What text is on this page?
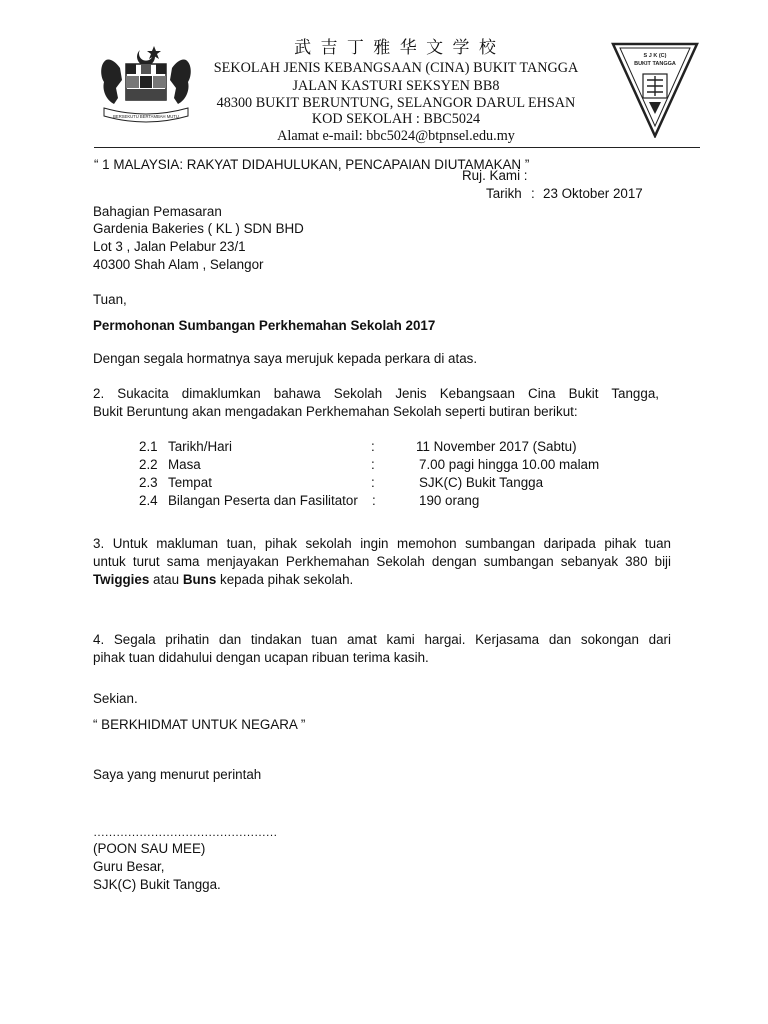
BERSEKUTU BERTAMBAH MUTU
武 吉 丁 雅 华 文 学 校
SEKOLAH JENIS KEBANGSAAN (CINA) BUKIT TANGGA
JALAN KASTURI SEKSYEN BB8
48300 BUKIT BERUNTUNG, SELANGOR DARUL EHSAN
KOD SEKOLAH : BBC5024
Alamat e-mail: bbc5024@btpnsel.edu.my
S J K (C)
BUKIT TANGGA
“ 1 MALAYSIA: RAKYAT DIDAHULUKAN, PENCAPAIAN DIUTAMAKAN ”
Ruj. Kami :
Tarikh : 23 Oktober 2017
Bahagian Pemasaran
Gardenia Bakeries ( KL ) SDN BHD
Lot 3 , Jalan Pelabur 23/1
40300 Shah Alam , Selangor
Tuan,
Permohonan Sumbangan Perkhemahan Sekolah 2017
Dengan segala hormatnya saya merujuk kepada perkara di atas.
2. Sukacita dimaklumkan bahawa Sekolah Jenis Kebangsaan Cina Bukit Tangga,
Bukit Beruntung akan mengadakan Perkhemahan Sekolah seperti butiran berikut:
2.1 Tarikh/Hari	:	11 November 2017 (Sabtu)
2.2 Masa	:	7.00 pagi hingga 10.00 malam
2.3 Tempat	:	SJK(C) Bukit Tangga
2.4 Bilangan Peserta dan Fasilitator :	190 orang
3. Untuk makluman tuan, pihak sekolah ingin memohon sumbangan daripada pihak tuan
untuk turut sama menjayakan Perkhemahan Sekolah dengan sumbangan sebanyak 380 biji
Twiggies atau Buns kepada pihak sekolah.
4. Segala prihatin dan tindakan tuan amat kami hargai. Kerjasama dan sokongan dari
pihak tuan didahului dengan ucapan ribuan terima kasih.
Sekian.
“ BERKHIDMAT UNTUK NEGARA ”
Saya yang menurut perintah
…………………………………………
(POON SAU MEE)
Guru Besar,
SJK(C) Bukit Tangga.
